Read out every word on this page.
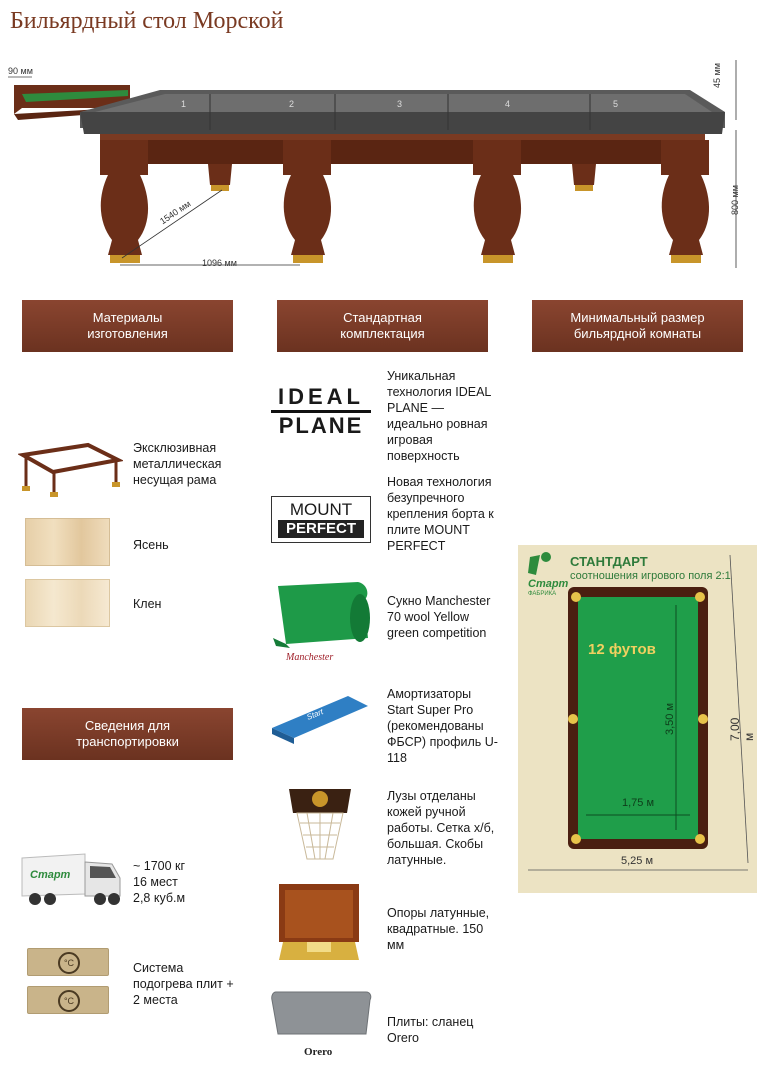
Бильярдный стол Морской
1	2	3	4	5
90 мм	45 мм
800 мм
1540 мм
1096 мм
Материалы
изготовления
Стандартная
комплектация
Минимальный размер
бильярдной комнаты
Сведения для
транспортировки
Эксклюзивная металлическая несущая рама
Ясень
Клен
Старт
~ 1700 кг
16 мест
2,8 куб.м
°C
°C
Система подогрева плит + 2 места
IDEAL
PLANE
Уникальная технология IDEAL PLANE — идеально ровная игровая поверхность
MOUNT
PERFECT
Новая технология безупречного крепления борта к плите MOUNT PERFECT
Manchester
Сукно Manchester 70 wool Yellow green competition
Start
Амортизаторы Start Super Pro (рекомендованы ФБСР) профиль U-118
Лузы отделаны кожей ручной работы. Сетка х/б, большая. Скобы латунные.
Опоры латунные, квадратные. 150 мм
Orero
Плиты: сланец Orero
Старт
ФАБРИКА
СТАНТДАРТ
соотношения игрового поля 2:1
12 футов
3,50 м
1,75 м
7,00 м
5,25 м
